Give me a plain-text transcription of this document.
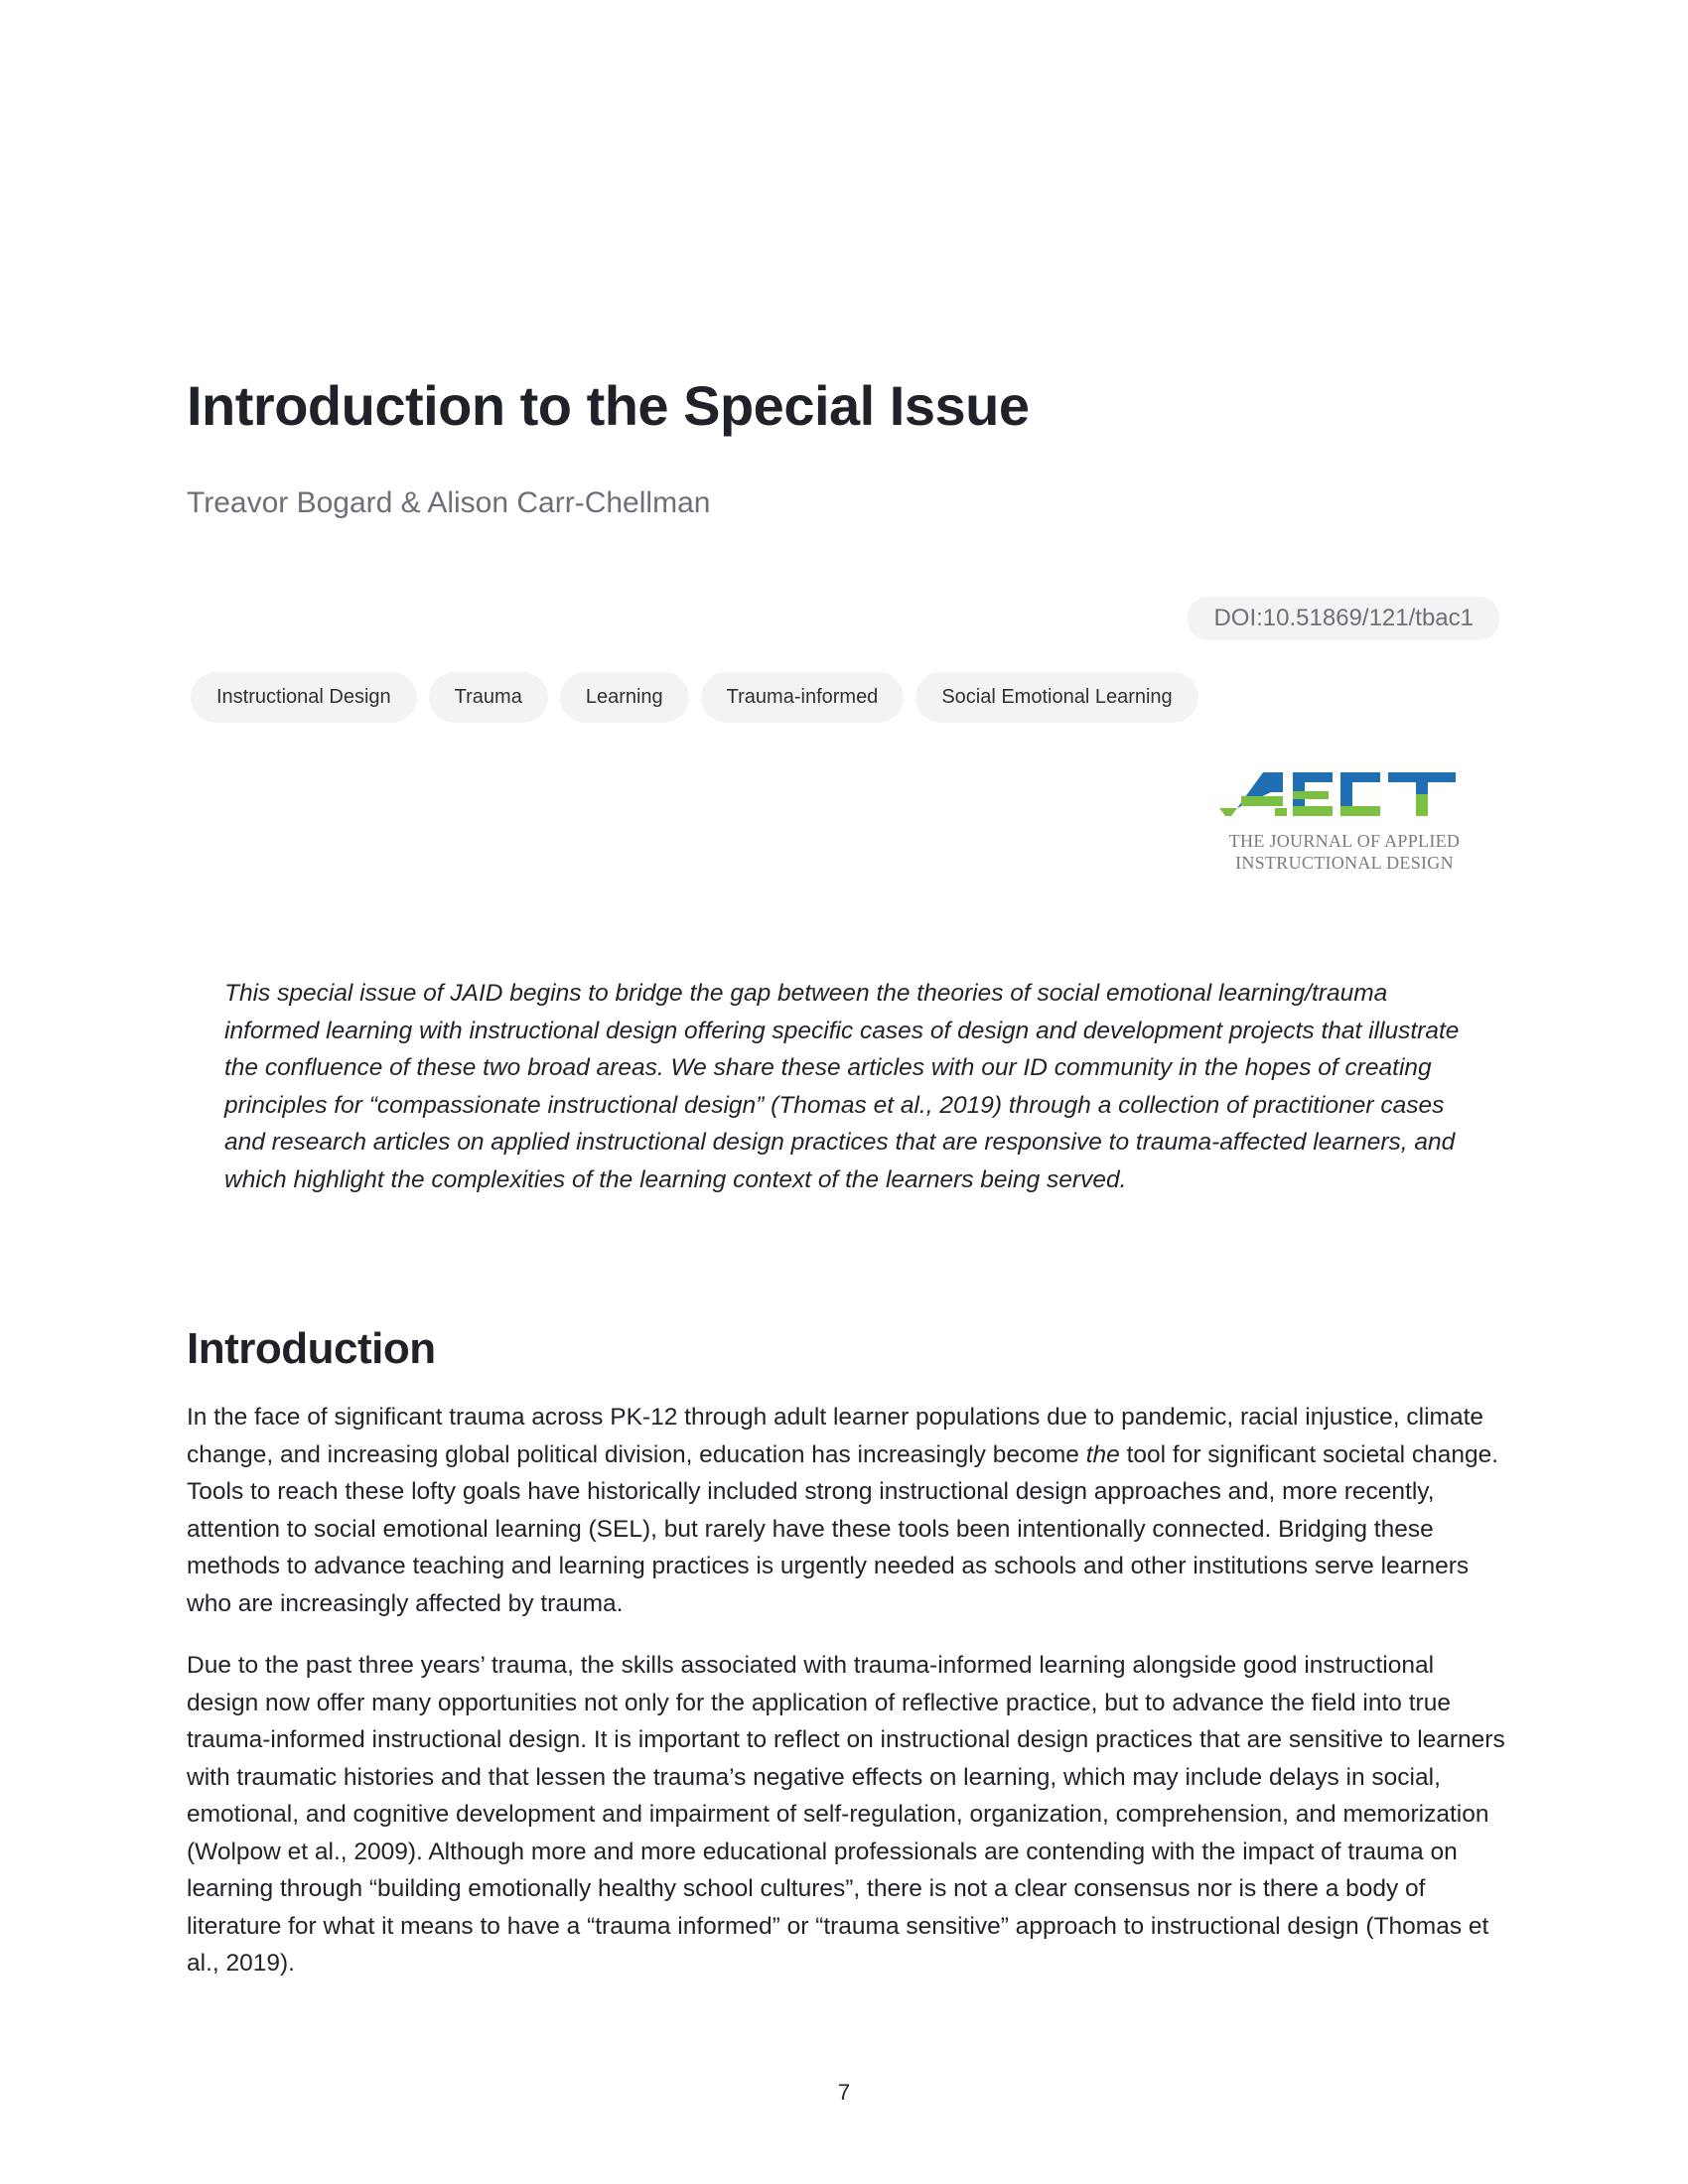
Introduction to the Special Issue

Treavor Bogard & Alison Carr-Chellman

DOI:10.51869/121/tbac1
Instructional Design	Trauma	Learning	Trauma-informed	Social Emotional Learning
THE JOURNAL OF APPLIED
INSTRUCTIONAL DESIGN

This special issue of JAID begins to bridge the gap between the theories of social emotional learning/trauma informed learning with instructional design offering specific cases of design and development projects that illustrate the confluence of these two broad areas. We share these articles with our ID community in the hopes of creating principles for “compassionate instructional design” (Thomas et al., 2019) through a collection of practitioner cases and research articles on applied instructional design practices that are responsive to trauma-affected learners, and which highlight the complexities of the learning context of the learners being served.

Introduction

In the face of significant trauma across PK-12 through adult learner populations due to pandemic, racial injustice, climate change, and increasing global political division, education has increasingly become the tool for significant societal change. Tools to reach these lofty goals have historically included strong instructional design approaches and, more recently, attention to social emotional learning (SEL), but rarely have these tools been intentionally connected. Bridging these methods to advance teaching and learning practices is urgently needed as schools and other institutions serve learners who are increasingly affected by trauma.

Due to the past three years’ trauma, the skills associated with trauma-informed learning alongside good instructional design now offer many opportunities not only for the application of reflective practice, but to advance the field into true trauma-informed instructional design. It is important to reflect on instructional design practices that are sensitive to learners with traumatic histories and that lessen the trauma’s negative effects on learning, which may include delays in social, emotional, and cognitive development and impairment of self-regulation, organization, comprehension, and memorization (Wolpow et al., 2009). Although more and more educational professionals are contending with the impact of trauma on learning through “building emotionally healthy school cultures”, there is not a clear consensus nor is there a body of literature for what it means to have a “trauma informed” or “trauma sensitive” approach to instructional design (Thomas et al., 2019).

7
